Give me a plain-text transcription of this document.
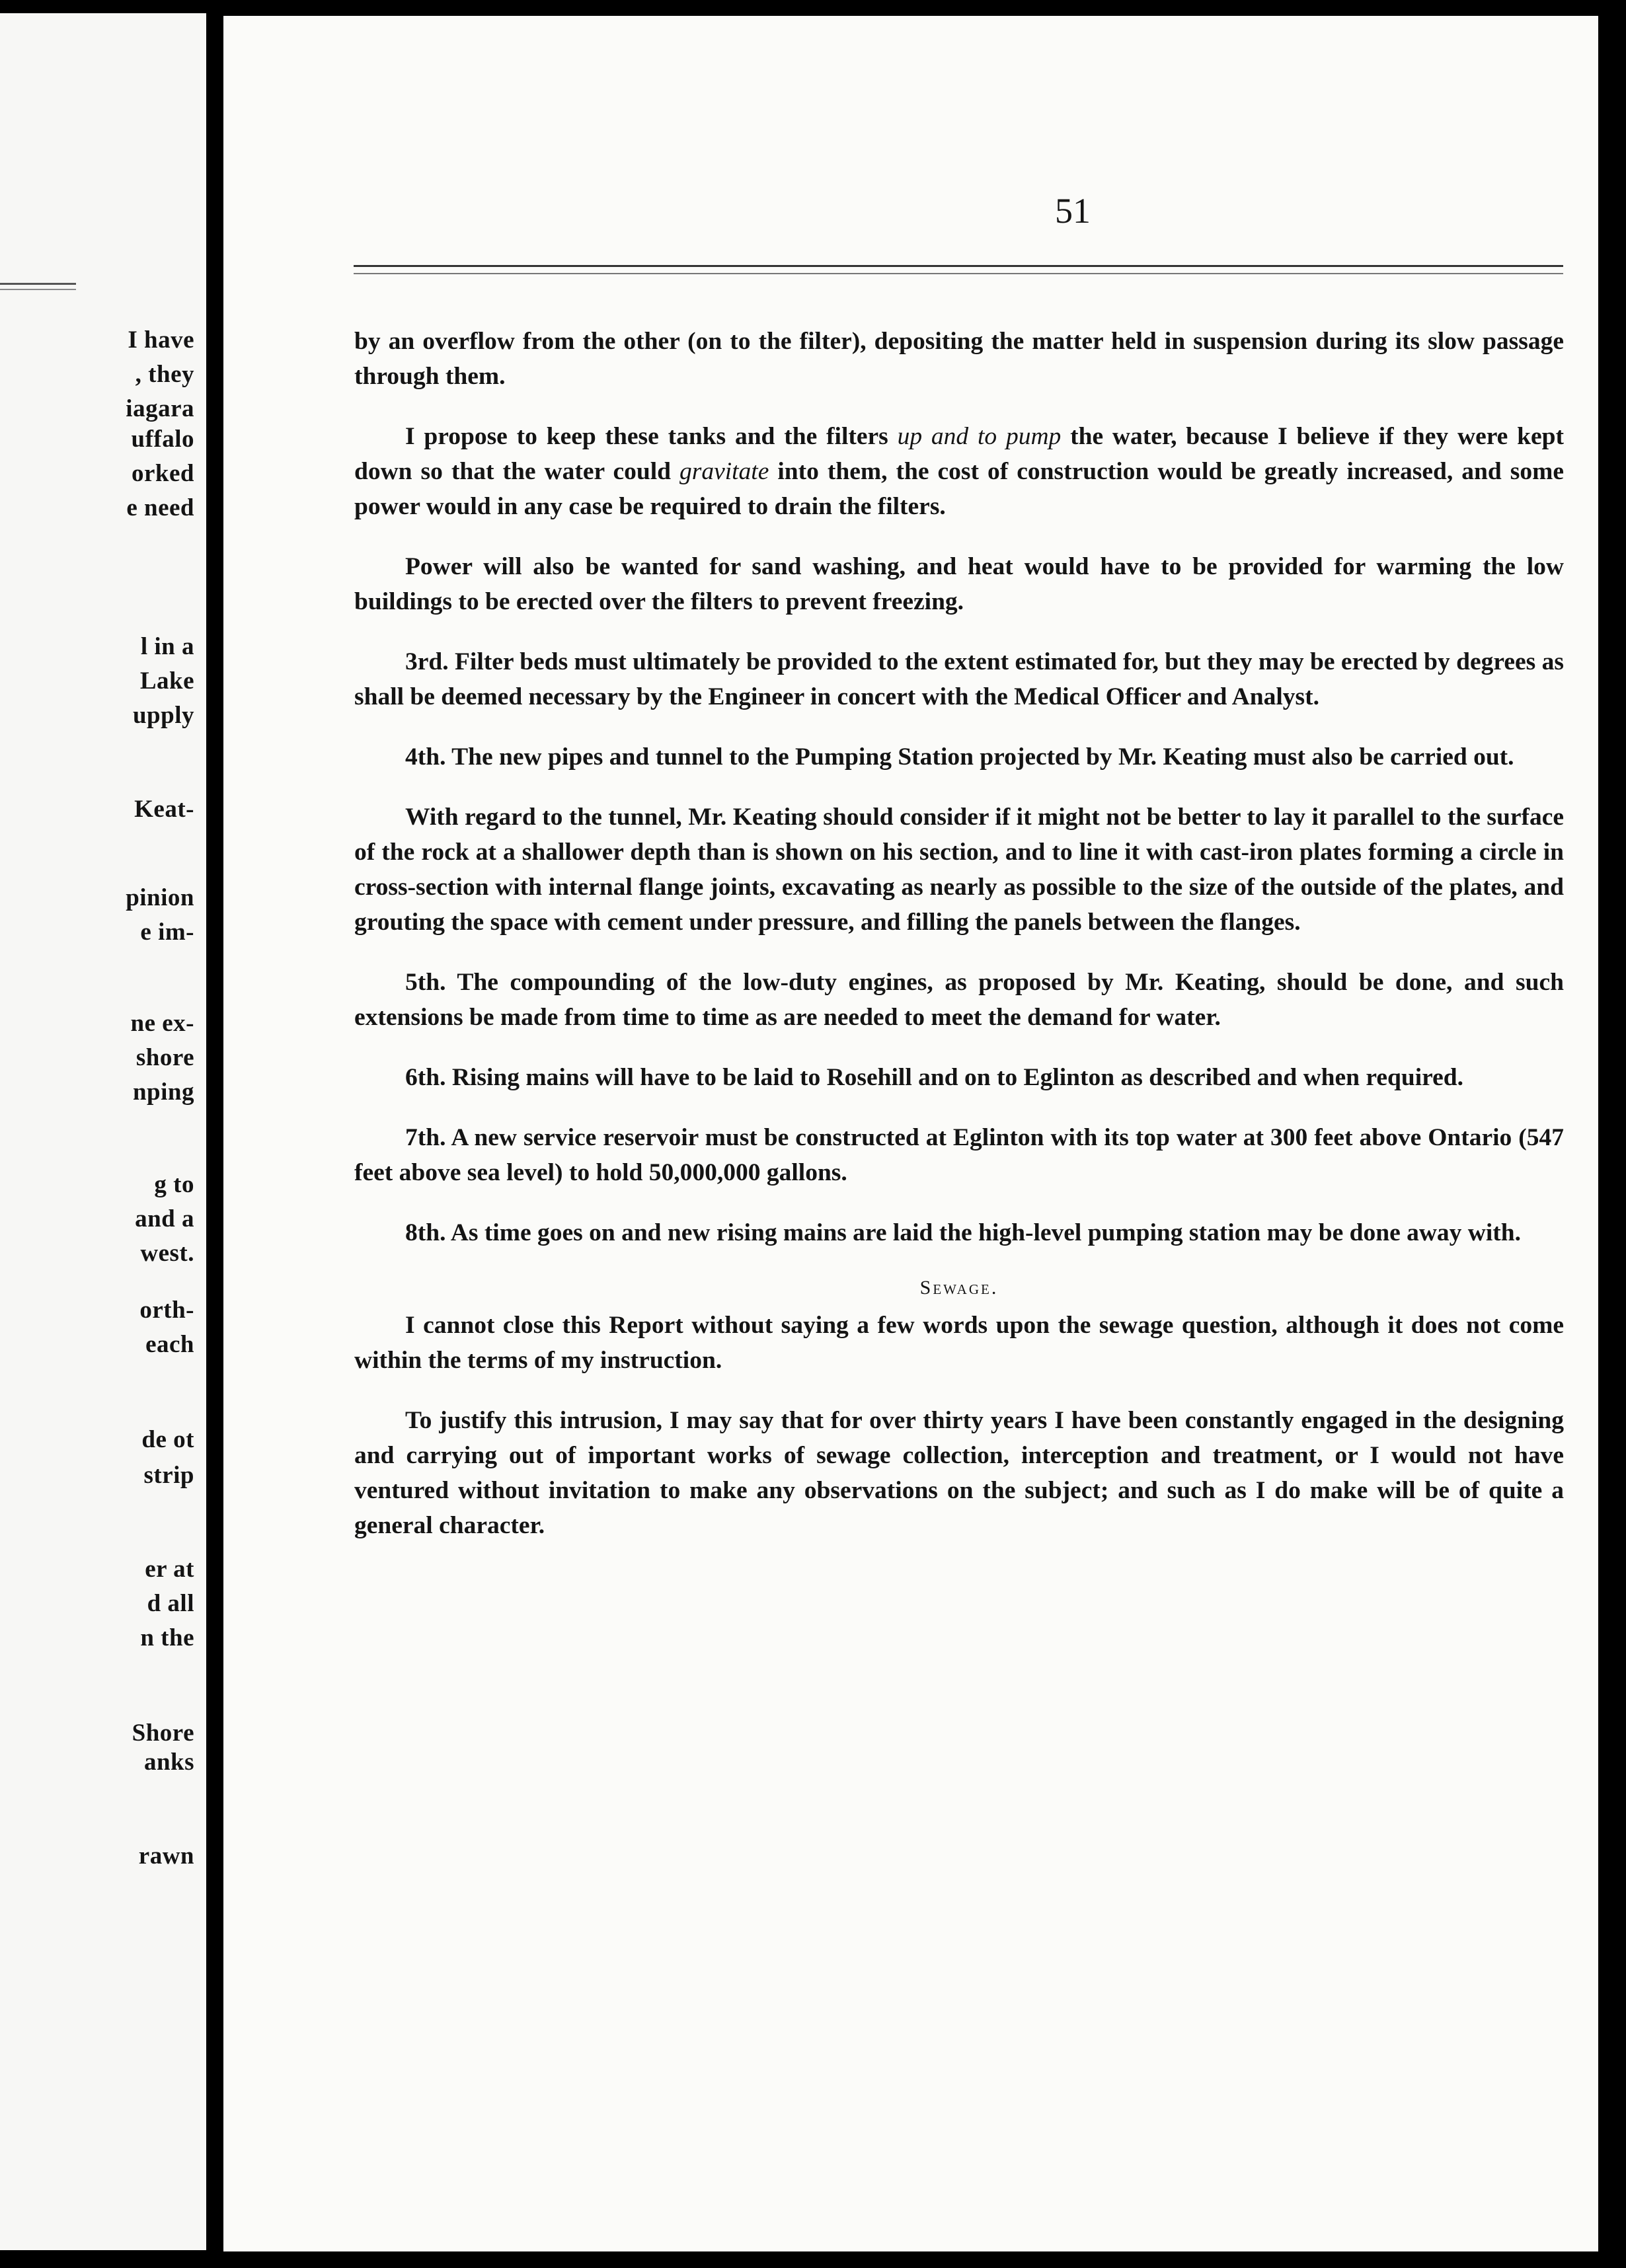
I have
, they
iagara
uffalo
orked
e need
l in a
Lake
upply
Keat-
pinion
e im-
ne ex-
shore
nping
g to
and a
west.
orth-
each
de ot
strip
er at
d all
n the
Shore
anks
rawn
51

by an overflow from the other (on to the filter), depositing the matter held in suspension during its slow passage through them.

I propose to keep these tanks and the filters up and to pump the water, because I believe if they were kept down so that the water could gravitate into them, the cost of construction would be greatly increased, and some power would in any case be required to drain the filters.

Power will also be wanted for sand washing, and heat would have to be provided for warming the low buildings to be erected over the filters to prevent freezing.

3rd. Filter beds must ultimately be provided to the extent estimated for, but they may be erected by degrees as shall be deemed necessary by the Engineer in concert with the Medical Officer and Analyst.

4th. The new pipes and tunnel to the Pumping Station projected by Mr. Keating must also be carried out.

With regard to the tunnel, Mr. Keating should consider if it might not be better to lay it parallel to the surface of the rock at a shallower depth than is shown on his section, and to line it with cast-iron plates forming a circle in cross-section with internal flange joints, excavating as nearly as possible to the size of the outside of the plates, and grouting the space with cement under pressure, and filling the panels between the flanges.

5th. The compounding of the low-duty engines, as proposed by Mr. Keating, should be done, and such extensions be made from time to time as are needed to meet the demand for water.

6th. Rising mains will have to be laid to Rosehill and on to Eglinton as described and when required.

7th. A new service reservoir must be constructed at Eglinton with its top water at 300 feet above Ontario (547 feet above sea level) to hold 50,000,000 gallons.

8th. As time goes on and new rising mains are laid the high-level pumping station may be done away with.

Sewage.

I cannot close this Report without saying a few words upon the sewage question, although it does not come within the terms of my instruction.

To justify this intrusion, I may say that for over thirty years I have been constantly engaged in the designing and carrying out of important works of sewage collection, interception and treatment, or I would not have ventured without invitation to make any observations on the subject; and such as I do make will be of quite a general character.
